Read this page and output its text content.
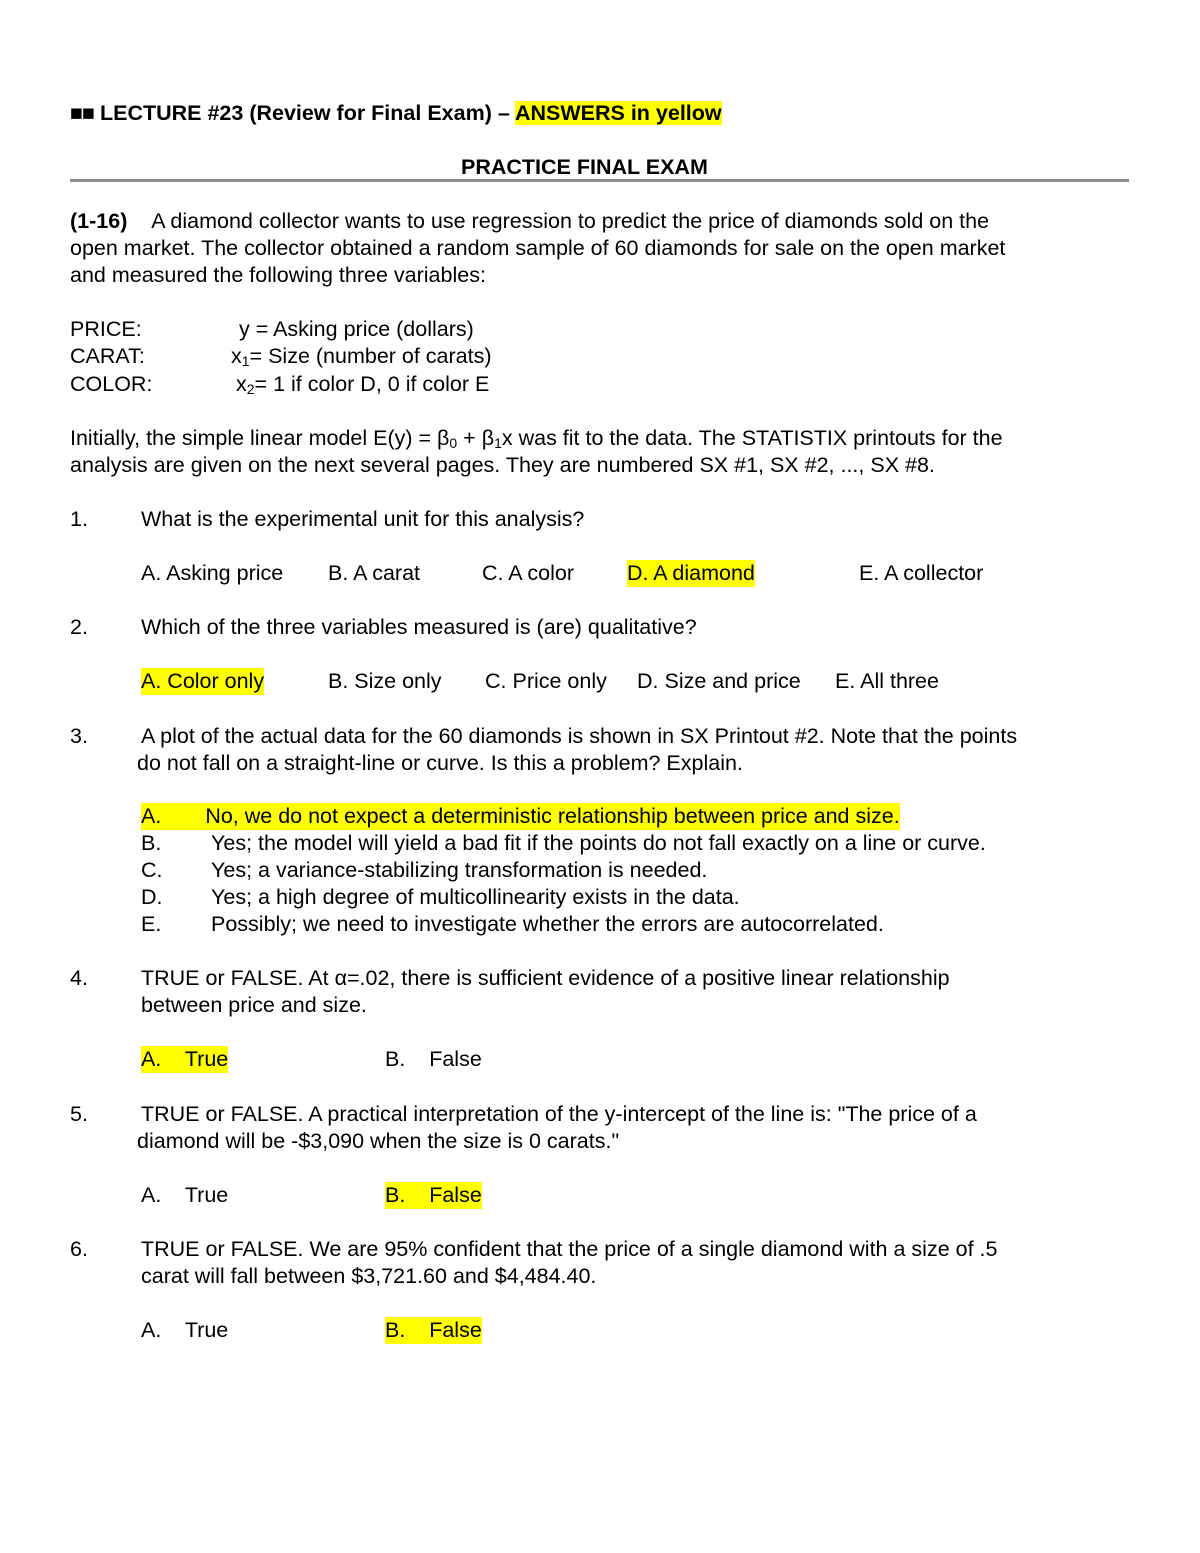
■■ LECTURE #23 (Review for Final Exam) – ANSWERS in yellow
PRACTICE FINAL EXAM
(1-16) A diamond collector wants to use regression to predict the price of diamonds sold on the
open market. The collector obtained a random sample of 60 diamonds for sale on the open market
and measured the following three variables:
PRICE:	y = Asking price (dollars)
CARAT:	$x_1=$ Size (number of carats)
COLOR:	$x_2= 1$ if color D, 0 if color E
Initially, the simple linear model $E(y) = \beta_0 + \beta_1x$ was fit to the data. The STATISTIX printouts for the
analysis are given on the next several pages. They are numbered SX #1, SX #2, ..., SX #8.
1. What is the experimental unit for this analysis?
A. Asking price B. A carat	C. A color D. A diamond	E. A collector
2. Which of the three variables measured is (are) qualitative?
A. Color only	B. Size only C. Price only D. Size and price E. All three
3. A plot of the actual data for the 60 diamonds is shown in SX Printout #2. Note that the points
do not fall on a straight-line or curve. Is this a problem? Explain.
A. No, we do not expect a deterministic relationship between price and size.
B. Yes; the model will yield a bad fit if the points do not fall exactly on a line or curve.
C. Yes; a variance-stabilizing transformation is needed.
D. Yes; a high degree of multicollinearity exists in the data.
E. Possibly; we need to investigate whether the errors are autocorrelated.
4. TRUE or FALSE. At α=.02, there is sufficient evidence of a positive linear relationship
between price and size.
A.    True	B.    False
5. TRUE or FALSE. A practical interpretation of the y-intercept of the line is: "The price of a
diamond will be -$3,090 when the size is 0 carats."
A.    True	B.    False
6. TRUE or FALSE. We are 95% confident that the price of a single diamond with a size of .5
carat will fall between $3,721.60 and $4,484.40.
A.    True	B.    False
